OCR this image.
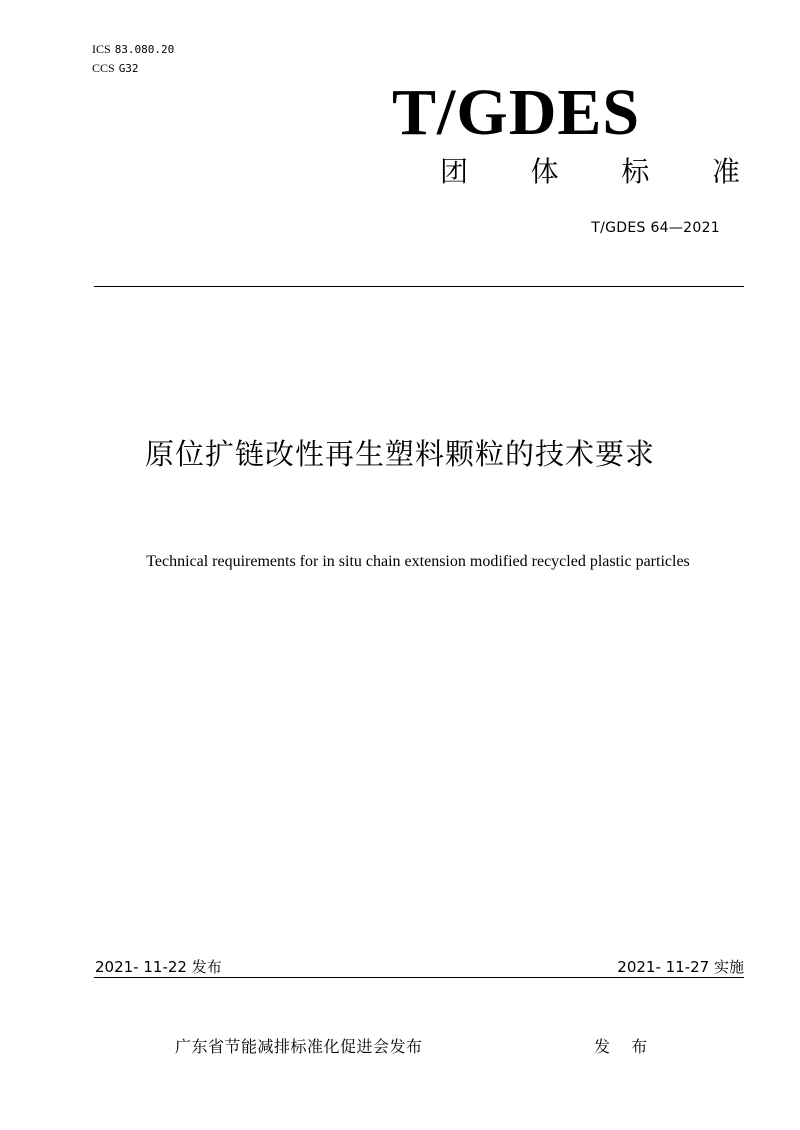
ICS 83.080.20
CCS G32
T/GDES
团 体 标 准
T/GDES 64—2021
原位扩链改性再生塑料颗粒的技术要求
Technical requirements for in situ chain extension modified recycled plastic particles
2021- 11-22 发布	2021- 11-27 实施
广东省节能减排标准化促进会发布	发 布
